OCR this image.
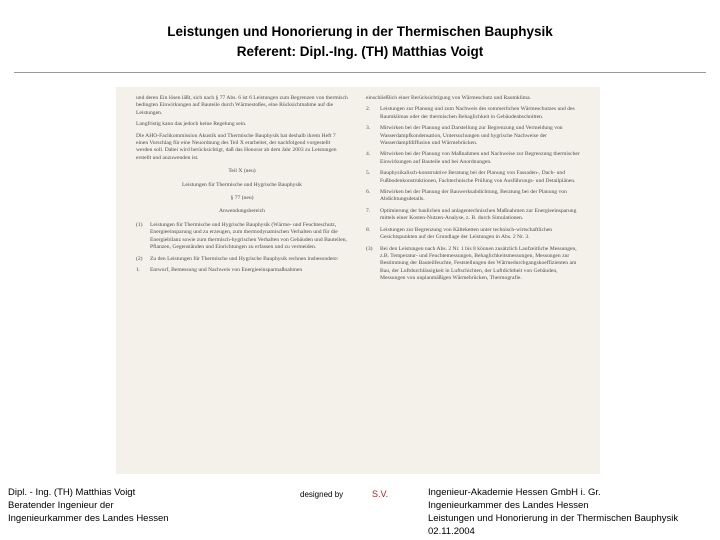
Leistungen und Honorierung in der Thermischen Bauphysik
Referent: Dipl.-Ing. (TH) Matthias Voigt
und deren Ein lösen läßt, sich nach § 77 Abs. 6 ist 6 Leistungen zum Begrenzen von thermisch bedingten Einwirkungen auf Bauteile durch Wärmestoßes, eine Rücksichtnahme auf die Leistungen.
Langfristig kann das jedoch keine Regelung sein.
Die AHO-Fachkommission Akustik und Thermische Bauphysik hat deshalb ihrem Heft 7 einen Vorschlag für eine Neuordnung des Teil X erarbeitet, der nachfolgend vorgestellt werden soll. Dabei wird berücksichtigt, daß das Honorar ab dem Jahr 2003 zu Leistungen erstellt und anzuwenden ist.
Teil X (neu)
Leistungen für Thermische und Hygrische Bauphysik
§ 77 (neu)
Anwendungsbereich
(1)	Leistungen für Thermische und Hygrische Bauphysik (Wärme- und Feuchteschutz, Energieeinsparung und zu erzeugen, zum thermodynamischen Verhalten und für die Energiebilanz sowie zum thermisch-hygrischen Verhalten von Gebäuden und Bauteilen, Pflanzen, Gegenständen und Einrichtungen zu erfassen und zu vermeiden.
(2)	Zu den Leistungen für Thermische und Hygrische Bauphysik rechnen insbesondere:
1.	Entwurf, Bemessung und Nachweis von Energieeinsparmaßnahmen
einschließlich einer Berücksichtigung von Wärmeschutz und Raumklima.
2.	Leistungen zur Planung und zum Nachweis des sommerlichen Wärmeschutzes und des Raumklimas oder der thermischen Behaglichkeit in Gebäudeabschnitten.
3.	Mitwirken bei der Planung und Darstellung zur Begrenzung und Vermeidung von Wasserdampfkondensation, Untersuchungen und hygrische Nachweise der Wasserdampfdiffusion und Wärmebrücken.
4.	Mitwirken bei der Planung von Maßnahmen und Nachweise zur Begrenzung thermischer Einwirkungen auf Bauteile und bei Anordnungen.
5.	Bauphysikalisch-konstruktive Beratung bei der Planung von Fassaden-, Dach- und Fußbodenkonstruktionen, Fachtechnische Prüfung von Ausführungs- und Detailplänen.
6.	Mitwirken bei der Planung der Bauwerksabdichtung, Beratung bei der Planung von Abdichtungsdetails.
7.	Optimierung der baulichen und anlagentechnischen Maßnahmen zur Energieeinsparung mittels einer Kosten-Nutzen-Analyse, z. B. durch Simulationen.
8.	Leistungen zur Begrenzung von Kälteketten unter technisch-wirtschaftlichen Gesichtspunkten auf der Grundlage der Leistungen in Abs. 2 Nr. 3.
(3)	Bei den Leistungen nach Abs. 2 Nr. 1 bis 8 können zusätzlich Laufzeitliche Messungen, z.B. Temperatur- und Feuchtemessungen, Behaglichkeitsmessungen, Messungen zur Bestimmung der Bauteilfeuchte, Feststellungen des Wärmedurchgangskoeffizienten am Bau, der Luftdurchlässigkeit in Luftschichten, der Luftdichtheit von Gebäuden, Messungen von unplanmäßigen Wärmebrücken, Thermografie.
Dipl. - Ing. (TH) Matthias Voigt
Beratender Ingenieur der
Ingenieurkammer des Landes Hessen
designed by	S.V.	Ingenieur-Akademie Hessen GmbH i. Gr.
Ingenieurkammer des Landes Hessen
Leistungen und Honorierung in der Thermischen Bauphysik
02.11.2004
